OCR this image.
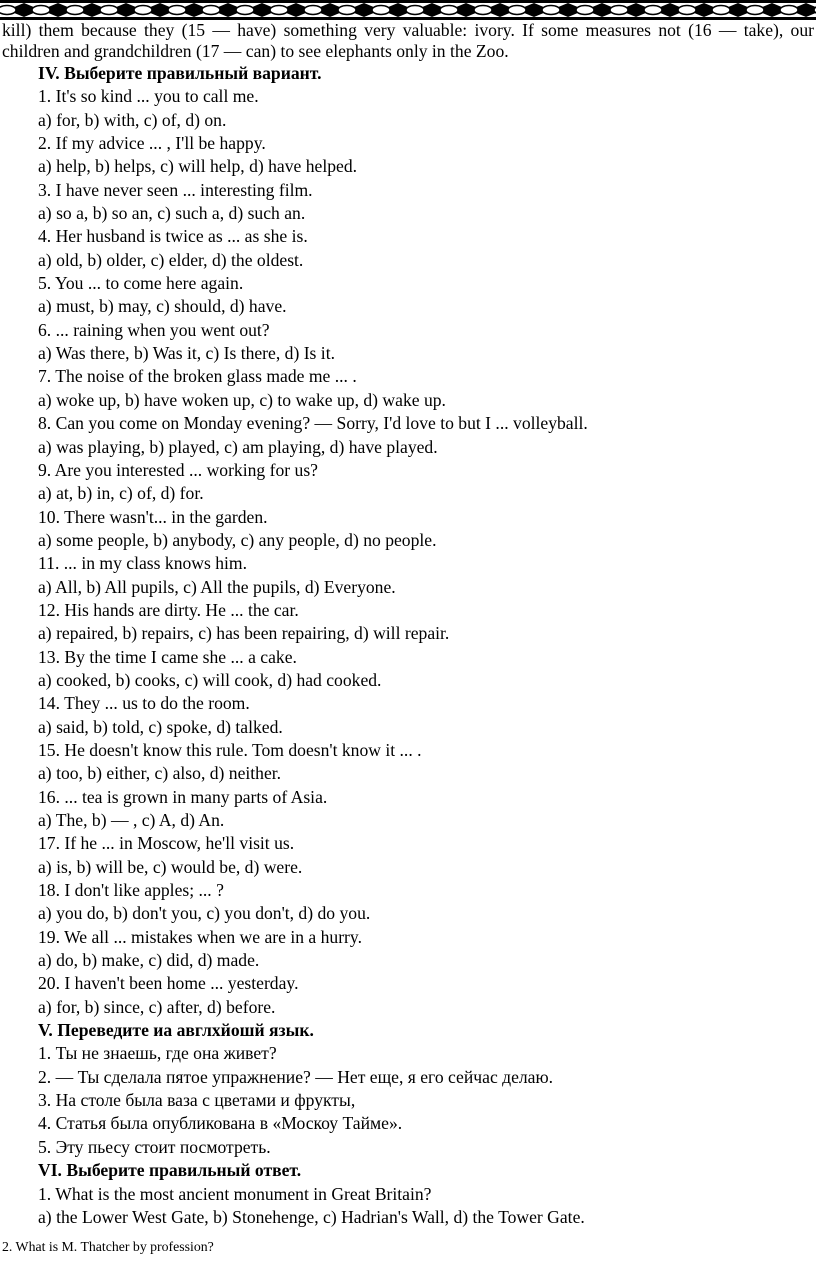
kill) them because they (15 — have) something very valuable: ivory. If some measures not (16 — take), our children and grandchildren (17 — can) to see elephants only in the Zoo.

IV. Выберите правильный вариант.
1. It's so kind ... you to call me.
a) for, b) with, c) of, d) on.
2. If my advice ... , I'll be happy.
a) help, b) helps, c) will help, d) have helped.
3. I have never seen ... interesting film.
a) so a, b) so an, c) such a, d) such an.
4. Her husband is twice as ... as she is.
a) old, b) older, c) elder, d) the oldest.
5. You ... to come here again.
a) must, b) may, c) should, d) have.
6. ... raining when you went out?
a) Was there, b) Was it, c) Is there, d) Is it.
7. The noise of the broken glass made me ... .
a) woke up, b) have woken up, c) to wake up, d) wake up.
8. Can you come on Monday evening? — Sorry, I'd love to but I ... volleyball.
a) was playing, b) played, c) am playing, d) have played.
9. Are you interested ... working for us?
a) at, b) in, c) of, d) for.
10. There wasn't... in the garden.
a) some people, b) anybody, c) any people, d) no people.
11. ... in my class knows him.
a) All, b) All pupils, c) All the pupils, d) Everyone.
12. His hands are dirty. He ... the car.
a) repaired, b) repairs, c) has been repairing, d) will repair.
13. By the time I came she ... a cake.
a) cooked, b) cooks, c) will cook, d) had cooked.
14. They ... us to do the room.
a) said, b) told, c) spoke, d) talked.
15. He doesn't know this rule. Tom doesn't know it ... .
a) too, b) either, c) also, d) neither.
16. ... tea is grown in many parts of Asia.
a) The, b) — , c) A, d) An.
17. If he ... in Moscow, he'll visit us.
a) is, b) will be, c) would be, d) were.
18. I don't like apples; ... ?
a) you do, b) don't you, c) you don't, d) do you.
19. We all ... mistakes when we are in a hurry.
a) do, b) make, c) did, d) made.
20. I haven't been home ... yesterday.
a) for, b) since, c) after, d) before.
V. Переведите иа авглхйошй язык.
1. Ты не знаешь, где она живет?
2. — Ты сделала пятое упражнение? — Нет еще, я его сейчас делаю.
3. На столе была ваза с цветами и фрукты,
4. Статья была опубликована в «Москоу Тайме».
5. Эту пьесу стоит посмотреть.
VI. Выберите правильный ответ.
1. What is the most ancient monument in Great Britain?
a) the Lower West Gate, b) Stonehenge, c) Hadrian's Wall, d) the Tower Gate.
2. What is M. Thatcher by profession?
